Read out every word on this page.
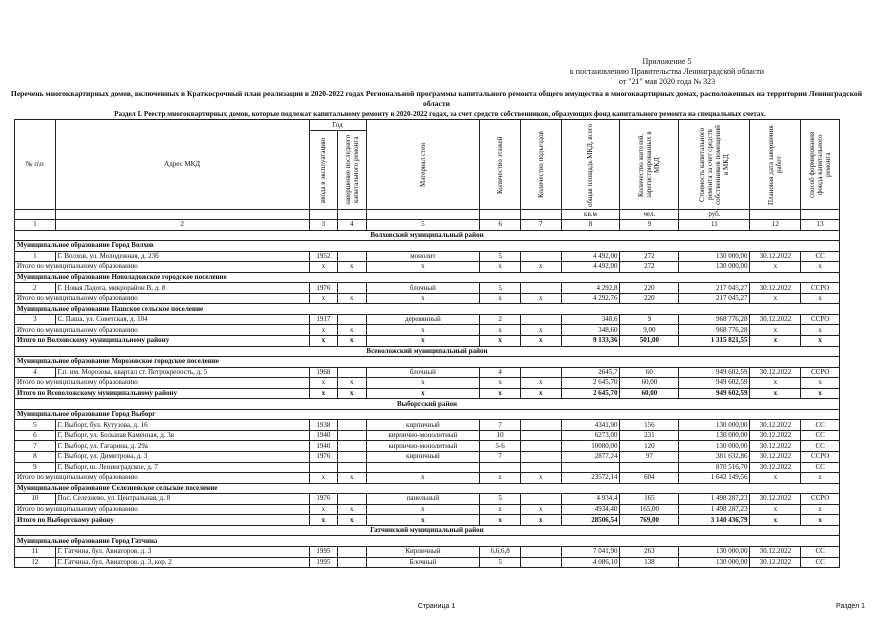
Приложение 5
к постановлению Правительства Ленинградской области
от "21" мая 2020 года № 323
Перечень многоквартирных домов, включенных в Краткосрочный план реализации в 2020-2022 годах Региональной программы капитального ремонта общего имущества в многоквартирных домах, расположенных на территории Ленинградской области
Раздел I. Реестр многоквартирных домов, которые подлежат капитальному ремонту в 2020-2022 годах, за счет средств собственников, образующих фонд капитального ремонта на специальных счетах.
№ п\п	Адрес МКД	Год		Материал стен	Количество этажей	Количество подъездов	общая площадь МКД, всего	Количество жителей, зарегистрированных в МКД	Стоимость капитального ремонта за счет средств собственников помещений в МКД	Плановая дата завершения работ	способ формирования фонда капитального ремонта

		ввода в эксплуатацию	завершение последнего капитального ремонта								

							кв.м	чел.	руб.		
1	2	3	4	5	6	7	8	9	11	12	13
Волховский муниципальный район											
Муниципальное образование Город Волхов											
1	Г. Волхов, ул. Молодежная, д. 23б	1952		монолит	5		4 492,00	272	130 000,00	30.12.2022	СС
Итого по муниципальному образованию		x	x	x	x	x	4 492,00	272	130 000,00	x	x
Муниципальное образование Новоладожское городское поселение											
2	Г. Новая Ладога, микрорайон В, д. 8	1976		блочный	5		4 292,8	220	217 045,27	30.12.2022	СCРО
Итого по муниципальному образованию		x	x	x	x	x	4 292,76	220	217 045,27	x	x
Муниципальное образование Пашское сельское поселение											
3	С. Паша, ул. Советская, д. 104	1917		деревянный	2		348,6	9	968 776,28	30.12.2022	СCРО
Итого по муниципальному образованию		x	x	x	x	x	348,60	9,00	968 776,28	x	x
Итого по Волховскому муниципальному району		x	x	x	x	x	9 133,36	501,00	1 315 821,55	x	x
Всеволожский муниципальный район											
Муниципальное образование Морозовское городское поселение											
4	Г.п. им. Морозова, квартал ст. Петрокрепость, д. 5	1968		блочный	4		2645,7	60	949 602,59	30.12.2022	СCРО
Итого по муниципальному образованию		x	x	x	x	x	2 645,70	60,00	949 602,59	x	x
Итого по Всеволожскому муниципальному району		x	x	x	x	x	2 645,70	60,00	949 602,59	x	x
Выборгский район											
Муниципальное образование Город Выборг											
5	Г. Выборг, бул. Кутузова, д. 16	1938		кирпичный	7		4341,90	156	130 000,00	30.12.2022	СС
6	Г. Выборг, ул. Большая Каменная, д. 3в	1940		кирпично-монолитный	10		6273,00	231	130 000,00	30.12.2022	СС
7	Г. Выборг, ул. Гагарина, д. 29а	1940		кирпично-монолитный	5-6		10080,00	120	130 000,00	30.12.2022	СС
8	Г. Выборг, ул. Димитрова, д. 3	1976		кирпичный	7		2877,24	97	381 632,86	30.12.2022	СCРО
9	Г. Выборг, ш. Ленинградское, д. 7								870 516,70	30.12.2022	СС
Итого по муниципальному образованию		x	x	x	x	x	23572,14	604	1 642 149,56	x	x
Муниципальное образование Селезневское сельское поселение											
10	Пос. Селезнево, ул. Центральная, д. 8	1976		панельный	5		4 934,4	165	1 498 287,23	30.12.2022	СCРО
Итого по муниципальному образованию		x	x	x	x	x	4934,40	165,00	1 498 287,23	x	x
Итого по Выборгскому району		x	x	x	x	x	28506,54	769,00	3 140 436,79	x	x
Гатчинский муниципальный район											
Муниципальное образование Город Гатчина											
11	Г. Гатчина, бул. Авиаторов, д. 3	1995		Кирпичный	6,6,6,8		7 041,90	263	130 000,00	30.12.2022	СС
12	Г. Гатчина, бул. Авиаторов, д. 3, кор. 2	1995		Блочный	5		4 086,10	138	130 000,00	30.12.2022	СС
Страница 1	Раздел 1
